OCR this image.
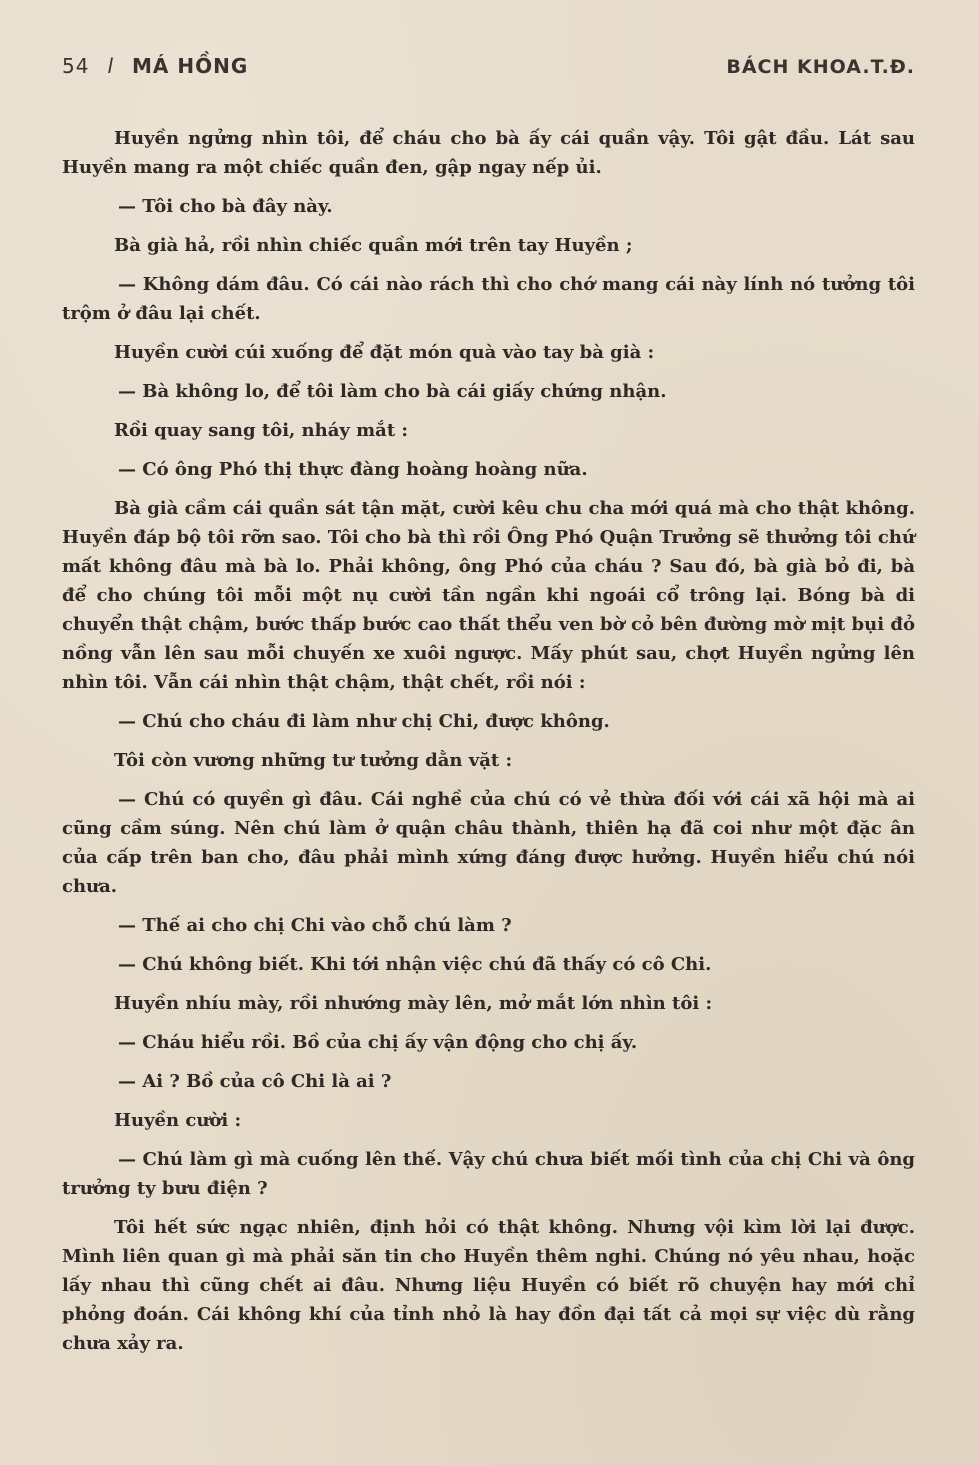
54 l MÁ HỒNG	BÁCH KHOA.T.Đ.

Huyền ngửng nhìn tôi, để cháu cho bà ấy cái quần vậy. Tôi gật đầu. Lát sau Huyền mang ra một chiếc quần đen, gập ngay nếp ủi.

— Tôi cho bà đây này.

Bà già hả, rồi nhìn chiếc quần mới trên tay Huyền ;

— Không dám đâu. Có cái nào rách thì cho chớ mang cái này lính nó tưởng tôi trộm ở đâu lại chết.

Huyền cười cúi xuống để đặt món quà vào tay bà già :

— Bà không lo, để tôi làm cho bà cái giấy chứng nhận.

Rồi quay sang tôi, nháy mắt :

— Có ông Phó thị thực đàng hoàng hoàng nữa.

Bà già cầm cái quần sát tận mặt, cười kêu chu cha mới quá mà cho thật không. Huyền đáp bộ tôi rỡn sao. Tôi cho bà thì rồi Ông Phó Quận Trưởng sẽ thưởng tôi chứ mất không đâu mà bà lo. Phải không, ông Phó của cháu ? Sau đó, bà già bỏ đi, bà để cho chúng tôi mỗi một nụ cười tần ngần khi ngoái cổ trông lại. Bóng bà di chuyển thật chậm, bước thấp bước cao thất thểu ven bờ cỏ bên đường mờ mịt bụi đỏ nồng vẫn lên sau mỗi chuyến xe xuôi ngược. Mấy phút sau, chợt Huyền ngửng lên nhìn tôi. Vẫn cái nhìn thật chậm, thật chết, rồi nói :

— Chú cho cháu đi làm như chị Chi, được không.

Tôi còn vương những tư tưởng dằn vặt :

— Chú có quyền gì đâu. Cái nghề của chú có vẻ thừa đối với cái xã hội mà ai cũng cầm súng. Nên chú làm ở quận châu thành, thiên hạ đã coi như một đặc ân của cấp trên ban cho, đâu phải mình xứng đáng được hưởng. Huyền hiểu chú nói chưa.

— Thế ai cho chị Chi vào chỗ chú làm ?

— Chú không biết. Khi tới nhận việc chú đã thấy có cô Chi.

Huyền nhíu mày, rồi nhướng mày lên, mở mắt lớn nhìn tôi :

— Cháu hiểu rồi. Bồ của chị ấy vận động cho chị ấy.

— Ai ? Bồ của cô Chi là ai ?

Huyền cười :

— Chú làm gì mà cuống lên thế. Vậy chú chưa biết mối tình của chị Chi và ông trưởng ty bưu điện ?

Tôi hết sức ngạc nhiên, định hỏi có thật không. Nhưng vội kìm lời lại được. Mình liên quan gì mà phải săn tin cho Huyền thêm nghi. Chúng nó yêu nhau, hoặc lấy nhau thì cũng chết ai đâu. Nhưng liệu Huyền có biết rõ chuyện hay mới chỉ phỏng đoán. Cái không khí của tỉnh nhỏ là hay đồn đại tất cả mọi sự việc dù rằng chưa xảy ra.
